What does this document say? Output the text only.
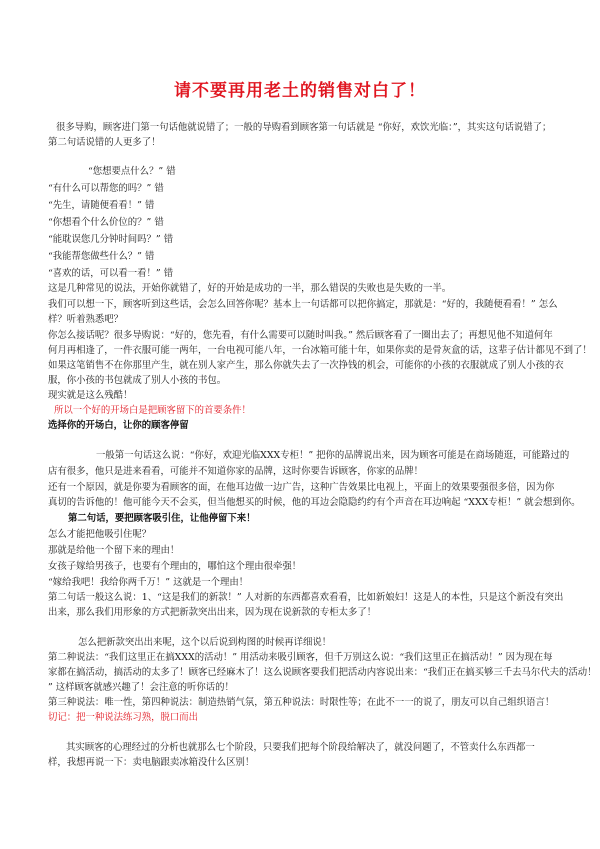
请不要再用老土的销售对白了！
很多导购，顾客进门第一句话他就说错了；一般的导购看到顾客第一句话就是 “你好，欢饮光临：”，其实这句话说错了；
第二句话说错的人更多了！
“您想要点什么？” 错
“有什么可以帮您的吗？” 错
“先生，请随便看看！” 错
“你想看个什么价位的？” 错
“能耽误您几分钟时间吗？” 错
“我能帮您做些什么？” 错
“喜欢的话，可以看一看！” 错
这是几种常见的说法，开始你就错了，好的开始是成功的一半，那么错误的失败也是失败的一半。
我们可以想一下，顾客听到这些话，会怎么回答你呢？基本上一句话都可以把你搞定，那就是：“好的，我随便看看！” 怎么
样？听着熟悉吧？
你怎么接话呢？很多导购说：“好的，您先看，有什么需要可以随时叫我。” 然后顾客看了一圈出去了；再想见他不知道何年
何月再相逢了，一件衣服可能一两年，一台电视可能八年，一台冰箱可能十年，如果你卖的是骨灰盒的话，这辈子估计都见不到了！
如果这笔销售不在你那里产生，就在别人家产生，那么你就失去了一次挣钱的机会，可能你的小孩的衣服就成了别人小孩的衣
服，你小孩的书包就成了别人小孩的书包。
现实就是这么残酷！
所以一个好的开场白是把顾客留下的首要条件！
选择你的开场白，让你的顾客停留
一般第一句话这么说：“你好，欢迎光临XXX专柜！” 把你的品牌说出来，因为顾客可能是在商场随逛，可能路过的
店有很多，他只是进来看看，可能并不知道你家的品牌，这时你要告诉顾客，你家的品牌！
还有一个原因，就是你要为看顾客的面，在他耳边做一边广告，这种广告效果比电视上，平面上的效果要强很多倍，因为你
真切的告诉他的！他可能今天不会买，但当他想买的时候，他的耳边会隐隐约约有个声音在耳边响起 “XXX专柜！” 就会想到你。
第二句话，要把顾客吸引住，让他停留下来！
怎么才能把他吸引住呢？
那就是给他一个留下来的理由！
女孩子嫁给男孩子，也要有个理由的，哪怕这个理由很牵强！
“嫁给我吧！我给你两千万！” 这就是一个理由！
第二句话一般这么说：1、“这是我们的新款！” 人对新的东西都喜欢看看，比如新娘妇！这是人的本性，只是这个新没有突出
出来，那么我们用形象的方式把新款突出出来，因为现在说新款的专柜太多了！
怎么把新款突出出来呢，这个以后说到构图的时候再详细说！
第二种说法：“我们这里正在搞XXX的活动！” 用活动来吸引顾客，但千万别这么说：“我们这里正在搞活动！” 因为现在每
家都在搞活动，搞活动的太多了！顾客已经麻木了！这么说顾客要我们把活动内容说出来：“我们正在搞买够三千去马尔代夫的活动！
” 这样顾客就感兴趣了！会注意的听你话的！
第三种说法：唯一性，第四种说法：制造热销气氛，第五种说法：时限性等；在此不一一的说了，朋友可以自己组织语言！
切记：把一种说法练习熟，脱口而出
其实顾客的心理经过的分析也就那么七个阶段，只要我们把每个阶段给解决了，就没问题了，不管卖什么东西都一
样，我想再说一下：卖电脑跟卖冰箱没什么区别！
